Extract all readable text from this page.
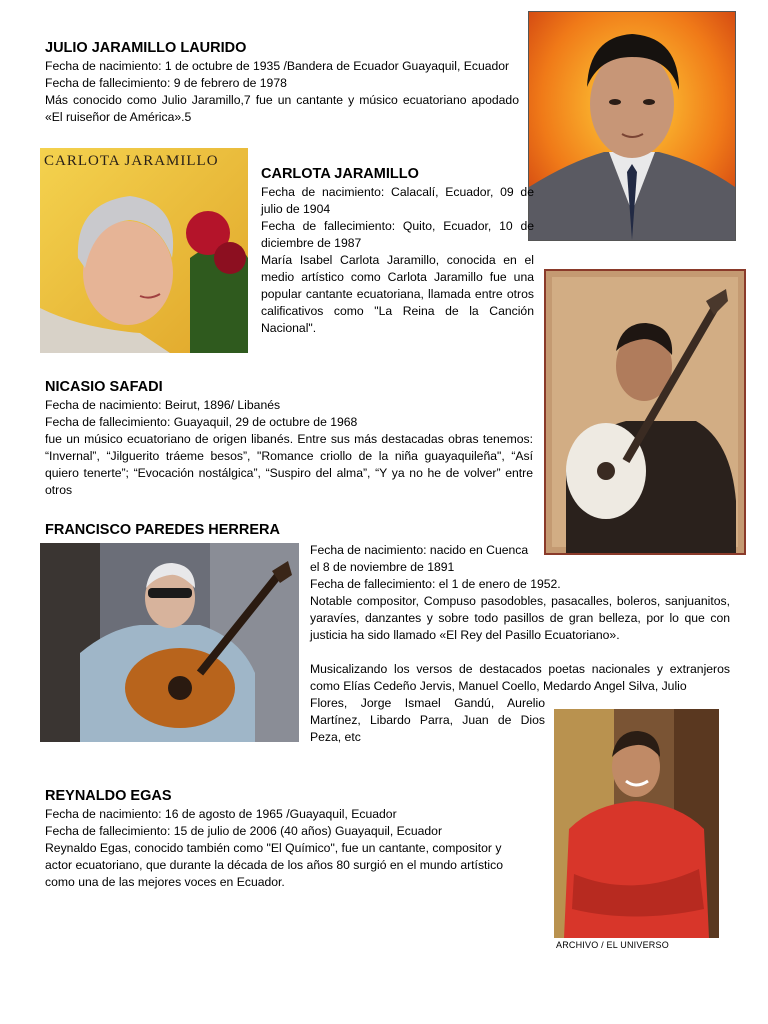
JULIO JARAMILLO LAURIDO

Fecha de nacimiento: 1 de octubre de 1935 /Bandera de Ecuador Guayaquil, Ecuador

Fecha de fallecimiento: 9 de febrero de 1978

Más conocido como Julio Jaramillo,7 fue un cantante y músico ecuatoriano apodado «El ruiseñor de América».5

CARLOTA JARAMILLO
CARLOTA JARAMILLO

Fecha de nacimiento: Calacalí, Ecuador, 09 de julio de 1904

Fecha de fallecimiento: Quito, Ecuador, 10 de diciembre de 1987

María Isabel Carlota Jaramillo, conocida en el medio artístico como Carlota Jaramillo fue una popular cantante ecuatoriana, llamada entre otros calificativos como "La Reina de la Canción Nacional".

NICASIO SAFADI

Fecha de nacimiento: Beirut, 1896/ Libanés

Fecha de fallecimiento: Guayaquil, 29 de octubre de 1968

fue un músico ecuatoriano de origen libanés. Entre sus más destacadas obras tenemos: “Invernal”, “Jilguerito tráeme besos”, "Romance criollo de la niña guayaquileña", “Así quiero tenerte”; “Evocación nostálgica”, “Suspiro del alma”, “Y ya no he de volver” entre otros

FRANCISCO PAREDES HERRERA

Fecha de nacimiento: nacido en Cuenca el 8 de noviembre de 1891

Fecha de fallecimiento: el 1 de enero de 1952.

Notable compositor, Compuso pasodobles, pasacalles, boleros, sanjuanitos, yaravíes, danzantes y sobre todo pasillos de gran belleza, por lo que con justicia ha sido llamado «El Rey del Pasillo Ecuatoriano».

Musicalizando los versos de destacados poetas nacionales y extranjeros como Elías Cedeño Jervis, Manuel Coello, Medardo Angel Silva, Julio

Flores, Jorge Ismael Gandú, Aurelio Martínez, Libardo Parra, Juan de Dios Peza, etc

ARCHIVO / EL UNIVERSO
REYNALDO EGAS

Fecha de nacimiento: 16 de agosto de 1965 /Guayaquil, Ecuador

Fecha de fallecimiento: 15 de julio de 2006 (40 años) Guayaquil, Ecuador

Reynaldo Egas, conocido también como "El Químico", fue un cantante, compositor y actor ecuatoriano, que durante la década de los años 80 surgió en el mundo artístico como una de las mejores voces en Ecuador.
